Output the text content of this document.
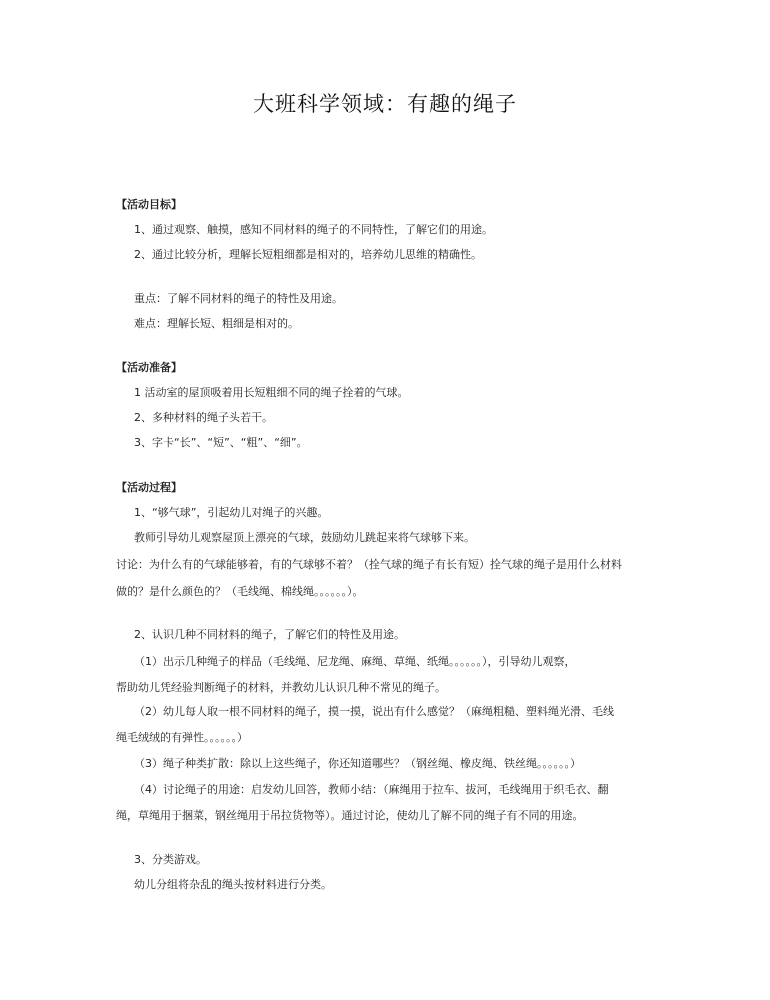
大班科学领域：有趣的绳子
【活动目标】
1、通过观察、触摸，感知不同材料的绳子的不同特性，了解它们的用途。
2、通过比较分析，理解长短粗细都是相对的，培养幼儿思维的精确性。
重点：了解不同材料的绳子的特性及用途。
难点：理解长短、粗细是相对的。
【活动准备】
1 活动室的屋顶吸着用长短粗细不同的绳子拴着的气球。
2、多种材料的绳子头若干。
3、字卡“长”、“短”、“粗”、“细”。
【活动过程】
1、“够气球”，引起幼儿对绳子的兴趣。
教师引导幼儿观察屋顶上漂亮的气球，鼓励幼儿跳起来将气球够下来。
讨论：为什么有的气球能够着，有的气球够不着？（拴气球的绳子有长有短）拴气球的绳子是用什么材料
做的？是什么颜色的？（毛线绳、棉线绳。。。。。。）。
2、认识几种不同材料的绳子，了解它们的特性及用途。
（1）出示几种绳子的样品（毛线绳、尼龙绳、麻绳、草绳、纸绳。。。。。。），引导幼儿观察，
帮助幼儿凭经验判断绳子的材料，并教幼儿认识几种不常见的绳子。
（2）幼儿每人取一根不同材料的绳子，摸一摸，说出有什么感觉？（麻绳粗糙、塑料绳光滑、毛线
绳毛绒绒的有弹性。。。。。。）
（3）绳子种类扩散：除以上这些绳子，你还知道哪些？（钢丝绳、橡皮绳、铁丝绳。。。。。。）
（4）讨论绳子的用途：启发幼儿回答，教师小结：（麻绳用于拉车、拔河，毛线绳用于织毛衣、翻
绳，草绳用于捆菜，钢丝绳用于吊拉货物等）。通过讨论，使幼儿了解不同的绳子有不同的用途。
3、分类游戏。
幼儿分组将杂乱的绳头按材料进行分类。
